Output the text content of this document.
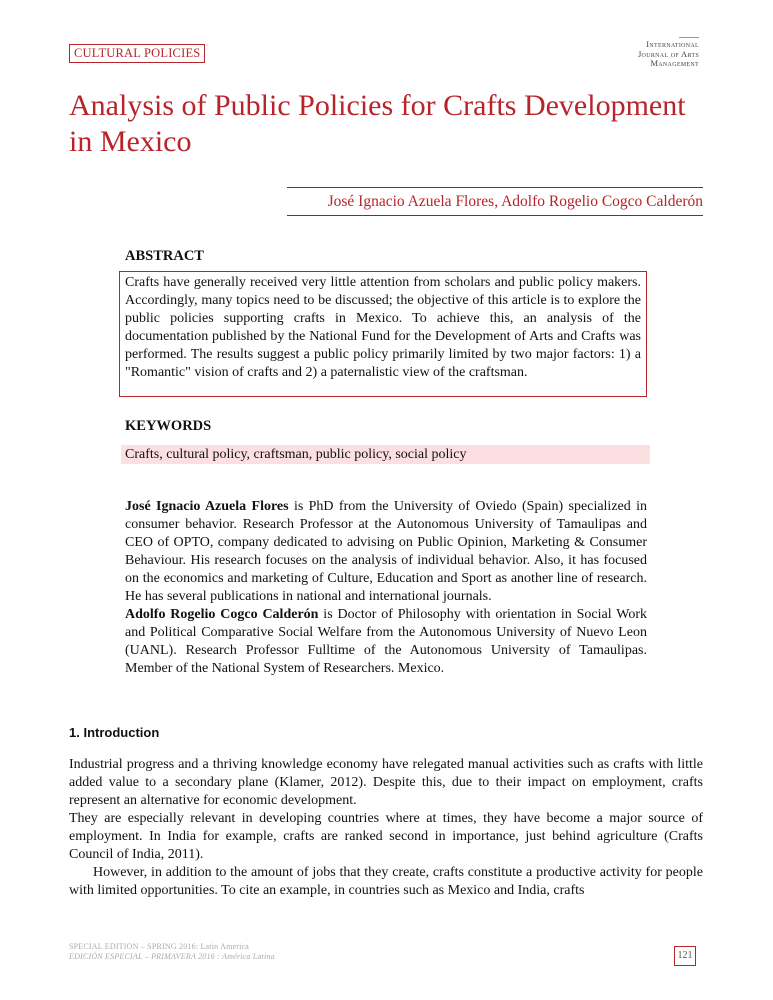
CULTURAL POLICIES
International
Journal of Arts
Management
Analysis of Public Policies for Crafts Development in Mexico
José Ignacio Azuela Flores, Adolfo Rogelio Cogco Calderón
ABSTRACT
Crafts have generally received very little attention from scholars and public policy makers. Accordingly, many topics need to be discussed; the objective of this article is to explore the public policies supporting crafts in Mexico. To achieve this, an analysis of the documentation published by the National Fund for the Development of Arts and Crafts was performed. The results suggest a public policy primarily limited by two major factors: 1) a "Romantic" vision of crafts and 2) a paternalistic view of the craftsman.
KEYWORDS
Crafts, cultural policy, craftsman, public policy, social policy

José Ignacio Azuela Flores is PhD from the University of Oviedo (Spain) specialized in consumer behavior. Research Professor at the Autonomous University of Tamaulipas and CEO of OPTO, company dedicated to advising on Public Opinion, Marketing & Consumer Behaviour. His research focuses on the analysis of individual behavior. Also, it has focused on the economics and marketing of Culture, Education and Sport as another line of research. He has several publications in national and international journals.

Adolfo Rogelio Cogco Calderón is Doctor of Philosophy with orientation in Social Work and Political Comparative Social Welfare from the Autonomous University of Nuevo Leon (UANL). Research Professor Fulltime of the Autonomous University of Tamaulipas. Member of the National System of Researchers. Mexico.

1. Introduction

Industrial progress and a thriving knowledge economy have relegated manual activities such as crafts with little added value to a secondary plane (Klamer, 2012). Despite this, due to their impact on employment, crafts represent an alternative for economic development.

They are especially relevant in developing countries where at times, they have become a major source of employment. In India for example, crafts are ranked second in importance, just behind agriculture (Crafts Council of India, 2011).

However, in addition to the amount of jobs that they create, crafts constitute a productive activity for people with limited opportunities. To cite an example, in countries such as Mexico and India, crafts

SPECIAL EDITION – SPRING 2016: Latin America
EDICIÓN ESPECIAL – PRIMAVERA 2016 : América Latina	121
